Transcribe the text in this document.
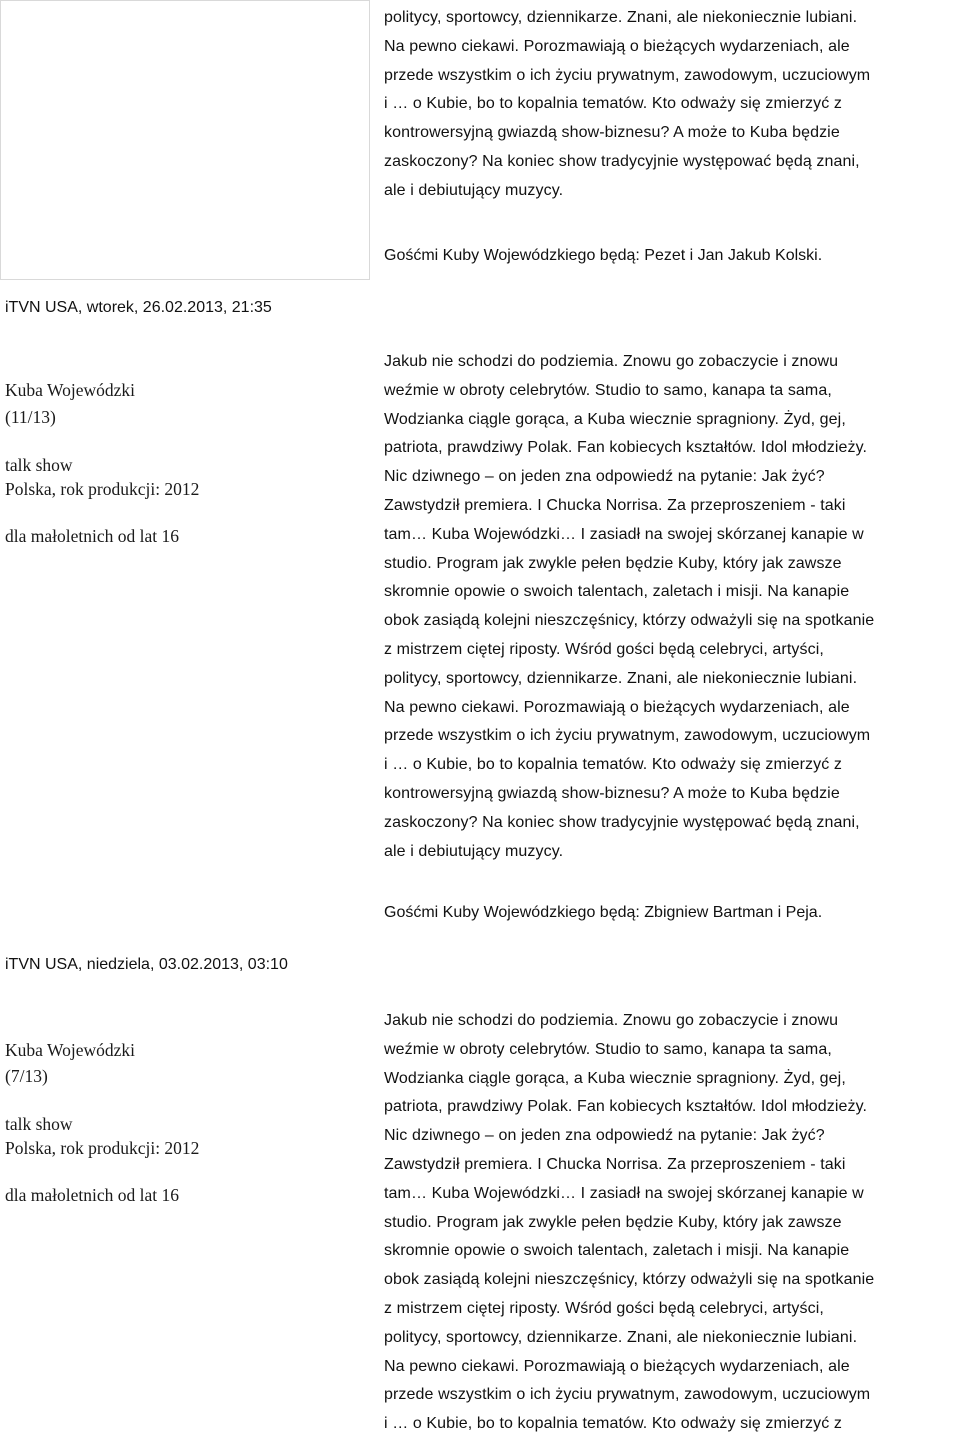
politycy, sportowcy, dziennikarze. Znani, ale niekoniecznie lubiani.
Na pewno ciekawi. Porozmawiają o bieżących wydarzeniach, ale
przede wszystkim o ich życiu prywatnym, zawodowym, uczuciowym
i … o Kubie, bo to kopalnia tematów. Kto odważy się zmierzyć z
kontrowersyjną gwiazdą show-biznesu? A może to Kuba będzie
zaskoczony? Na koniec show tradycyjnie występować będą znani,
ale i debiutujący muzycy.
Gośćmi Kuby Wojewódzkiego będą: Pezet i Jan Jakub Kolski.
iTVN USA, wtorek, 26.02.2013, 21:35
Kuba Wojewódzki
(11/13)
talk show
Polska, rok produkcji: 2012
dla małoletnich od lat 16
Jakub nie schodzi do podziemia. Znowu go zobaczycie i znowu
weźmie w obroty celebrytów. Studio to samo, kanapa ta sama,
Wodzianka ciągle gorąca, a Kuba wiecznie spragniony. Żyd, gej,
patriota, prawdziwy Polak. Fan kobiecych kształtów. Idol młodzieży.
Nic dziwnego – on jeden zna odpowiedź na pytanie: Jak żyć?
Zawstydził premiera. I Chucka Norrisa. Za przeproszeniem - taki
tam… Kuba Wojewódzki… I zasiadł na swojej skórzanej kanapie w
studio. Program jak zwykle pełen będzie Kuby, który jak zawsze
skromnie opowie o swoich talentach, zaletach i misji. Na kanapie
obok zasiądą kolejni nieszczęśnicy, którzy odważyli się na spotkanie
z mistrzem ciętej riposty. Wśród gości będą celebryci, artyści,
politycy, sportowcy, dziennikarze. Znani, ale niekoniecznie lubiani.
Na pewno ciekawi. Porozmawiają o bieżących wydarzeniach, ale
przede wszystkim o ich życiu prywatnym, zawodowym, uczuciowym
i … o Kubie, bo to kopalnia tematów. Kto odważy się zmierzyć z
kontrowersyjną gwiazdą show-biznesu? A może to Kuba będzie
zaskoczony? Na koniec show tradycyjnie występować będą znani,
ale i debiutujący muzycy.
Gośćmi Kuby Wojewódzkiego będą: Zbigniew Bartman i Peja.
iTVN USA, niedziela, 03.02.2013, 03:10
Kuba Wojewódzki
(7/13)
talk show
Polska, rok produkcji: 2012
dla małoletnich od lat 16
Jakub nie schodzi do podziemia. Znowu go zobaczycie i znowu
weźmie w obroty celebrytów. Studio to samo, kanapa ta sama,
Wodzianka ciągle gorąca, a Kuba wiecznie spragniony. Żyd, gej,
patriota, prawdziwy Polak. Fan kobiecych kształtów. Idol młodzieży.
Nic dziwnego – on jeden zna odpowiedź na pytanie: Jak żyć?
Zawstydził premiera. I Chucka Norrisa. Za przeproszeniem - taki
tam… Kuba Wojewódzki… I zasiadł na swojej skórzanej kanapie w
studio. Program jak zwykle pełen będzie Kuby, który jak zawsze
skromnie opowie o swoich talentach, zaletach i misji. Na kanapie
obok zasiądą kolejni nieszczęśnicy, którzy odważyli się na spotkanie
z mistrzem ciętej riposty. Wśród gości będą celebryci, artyści,
politycy, sportowcy, dziennikarze. Znani, ale niekoniecznie lubiani.
Na pewno ciekawi. Porozmawiają o bieżących wydarzeniach, ale
przede wszystkim o ich życiu prywatnym, zawodowym, uczuciowym
i … o Kubie, bo to kopalnia tematów. Kto odważy się zmierzyć z
